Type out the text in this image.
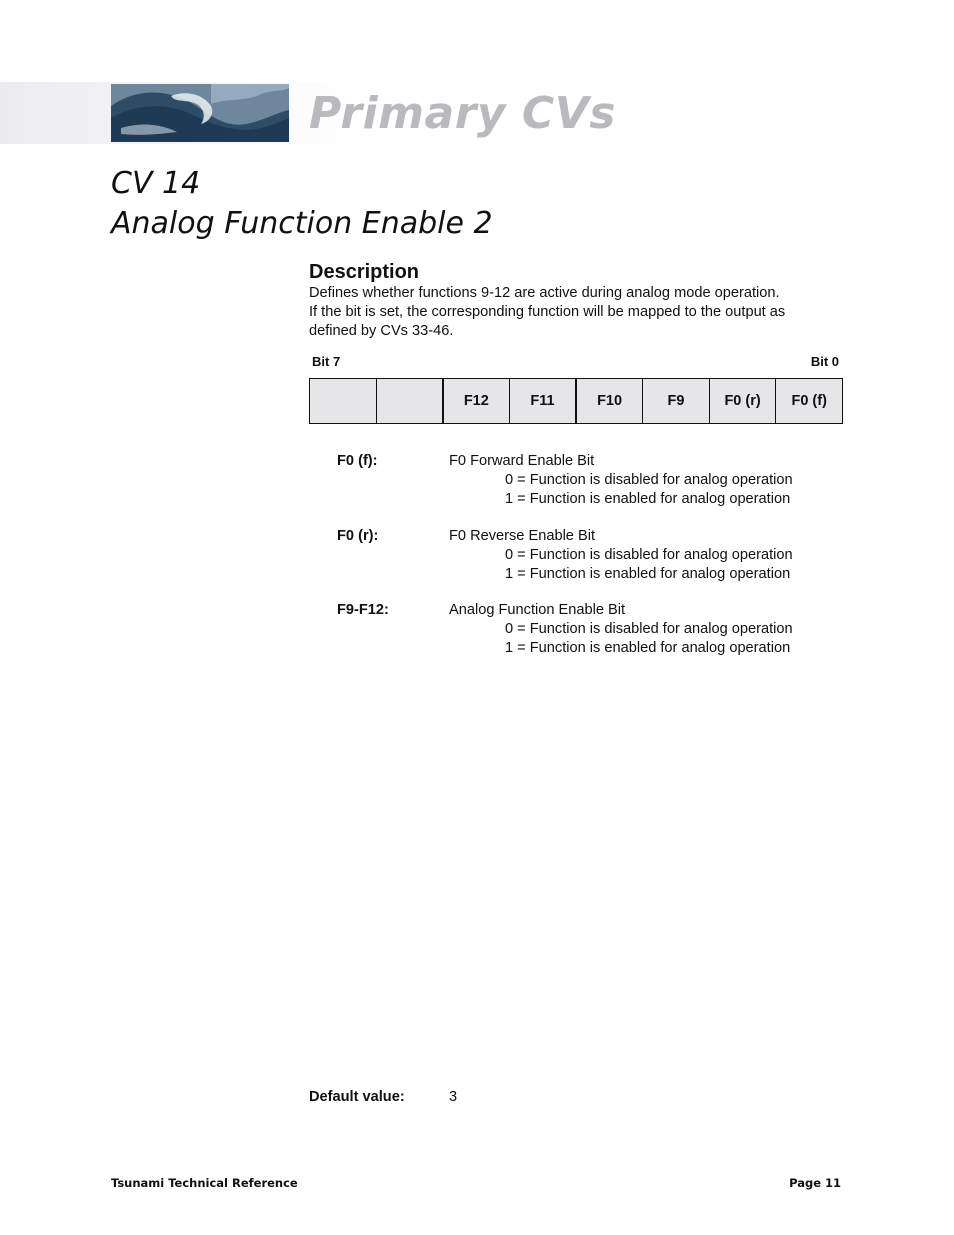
Primary CVs
CV 14
Analog Function Enable 2
Description
Defines whether functions 9-12 are active during analog mode operation.
If the bit is set, the corresponding function will be mapped to the output as
defined by CVs 33-46.
Bit 7	Bit 0
		F12	F11	F10	F9	F0 (r)	F0 (f)
F0 (f):	F0 Forward Enable Bit
0 = Function is disabled for analog operation
1 = Function is enabled for analog operation
F0 (r):	F0 Reverse Enable Bit
0 = Function is disabled for analog operation
1 = Function is enabled for analog operation
F9-F12:	Analog Function Enable Bit
0 = Function is disabled for analog operation
1 = Function is enabled for analog operation
Default value:	3
Tsunami Technical Reference	Page 11
